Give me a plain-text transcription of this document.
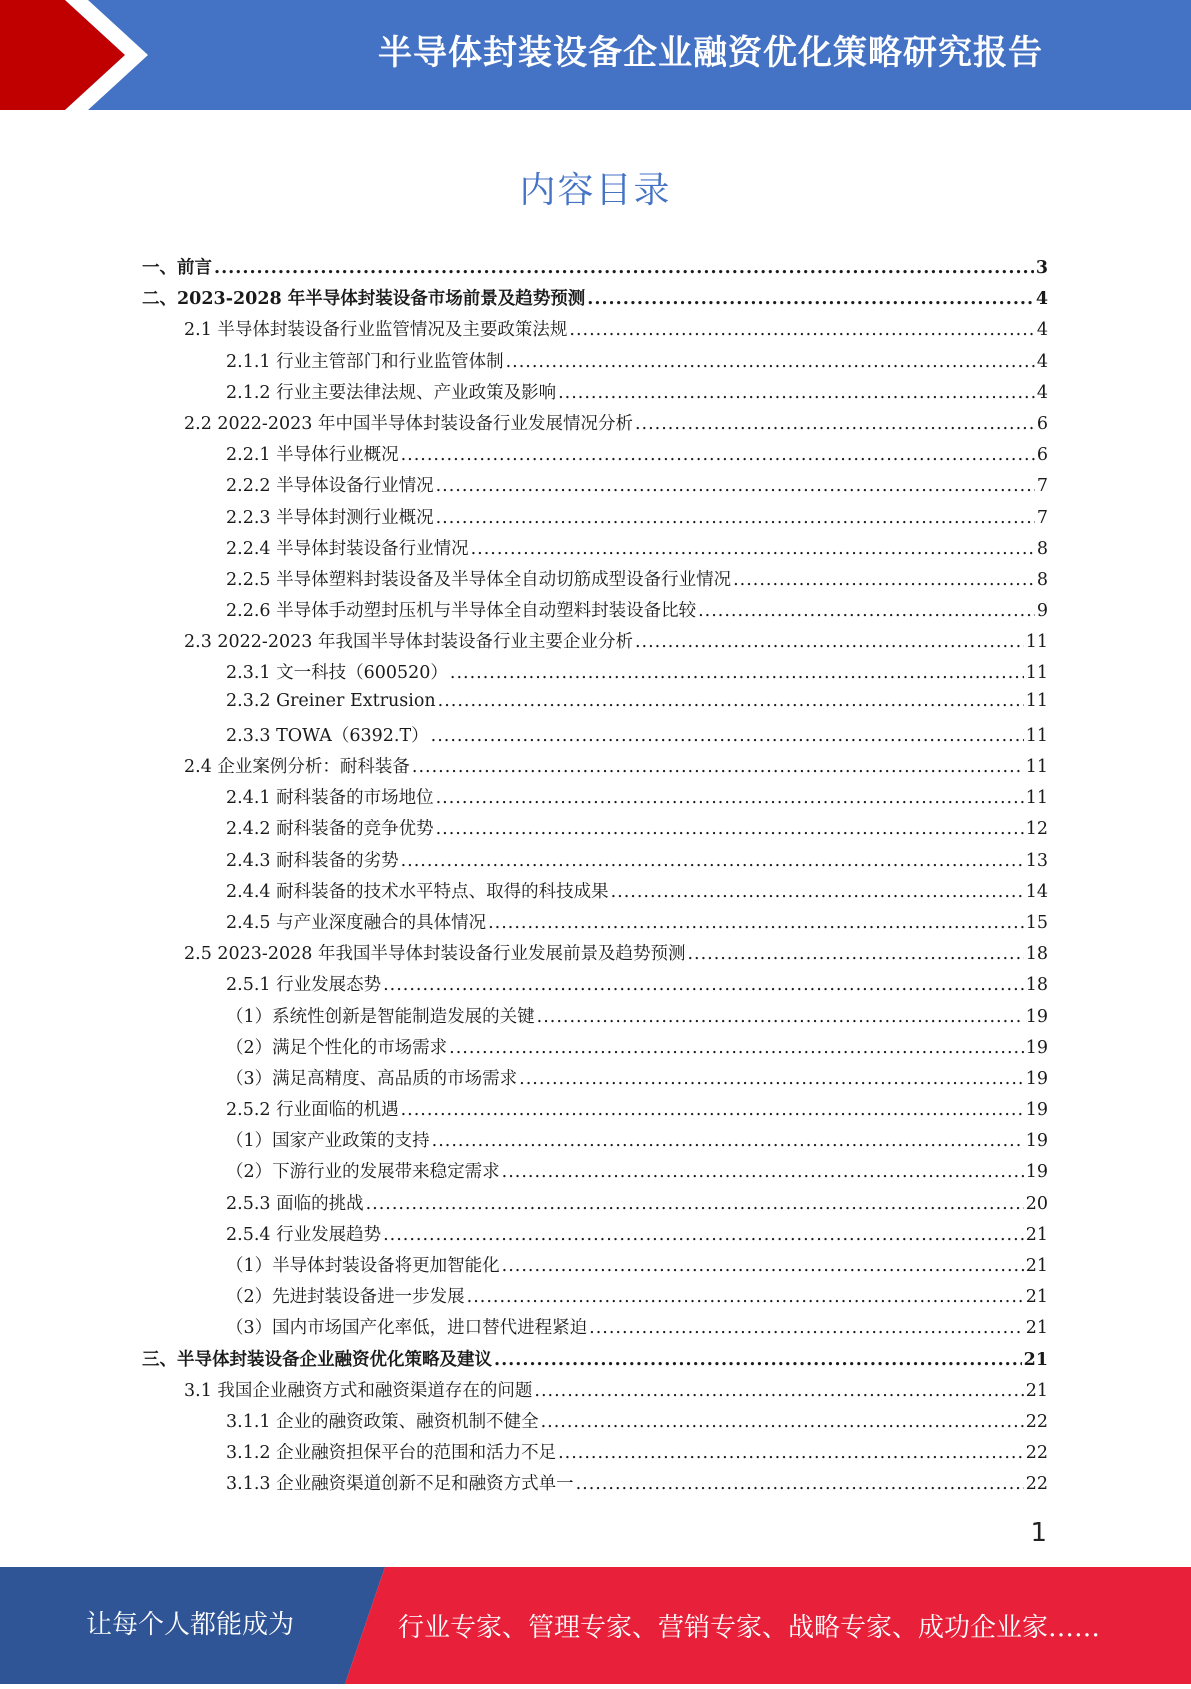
半导体封装设备企业融资优化策略研究报告
内容目录
一、前言 .....	3
二、2023-2028 年半导体封装设备市场前景及趋势预测 .....	4
2.1 半导体封装设备行业监管情况及主要政策法规 .....	4
2.1.1 行业主管部门和行业监管体制 .....	4
2.1.2 行业主要法律法规、产业政策及影响 .....	4
2.2 2022-2023 年中国半导体封装设备行业发展情况分析 .....	6
2.2.1 半导体行业概况 .....	6
2.2.2 半导体设备行业情况 .....	7
2.2.3 半导体封测行业概况 .....	7
2.2.4 半导体封装设备行业情况 .....	8
2.2.5 半导体塑料封装设备及半导体全自动切筋成型设备行业情况 .....	8
2.2.6 半导体手动塑封压机与半导体全自动塑料封装设备比较 .....	9
2.3 2022-2023 年我国半导体封装设备行业主要企业分析 .....	11
2.3.1 文一科技（600520） .....	11
2.3.2 Greiner Extrusion .....	11
2.3.3 TOWA（6392.T） .....	11
2.4 企业案例分析：耐科装备 .....	11
2.4.1 耐科装备的市场地位 .....	11
2.4.2 耐科装备的竞争优势 .....	12
2.4.3 耐科装备的劣势 .....	13
2.4.4 耐科装备的技术水平特点、取得的科技成果 .....	14
2.4.5 与产业深度融合的具体情况 .....	15
2.5 2023-2028 年我国半导体封装设备行业发展前景及趋势预测 .....	18
2.5.1 行业发展态势 .....	18
（1）系统性创新是智能制造发展的关键 .....	19
（2）满足个性化的市场需求 .....	19
（3）满足高精度、高品质的市场需求 .....	19
2.5.2 行业面临的机遇 .....	19
（1）国家产业政策的支持 .....	19
（2）下游行业的发展带来稳定需求 .....	19
2.5.3 面临的挑战 .....	20
2.5.4 行业发展趋势 .....	21
（1）半导体封装设备将更加智能化 .....	21
（2）先进封装设备进一步发展 .....	21
（3）国内市场国产化率低，进口替代进程紧迫 .....	21
三、半导体封装设备企业融资优化策略及建议 .....	21
3.1 我国企业融资方式和融资渠道存在的问题 .....	21
3.1.1 企业的融资政策、融资机制不健全 .....	22
3.1.2 企业融资担保平台的范围和活力不足 .....	22
3.1.3 企业融资渠道创新不足和融资方式单一 .....	22
1
让每个人都能成为	行业专家、管理专家、营销专家、战略专家、成功企业家……
